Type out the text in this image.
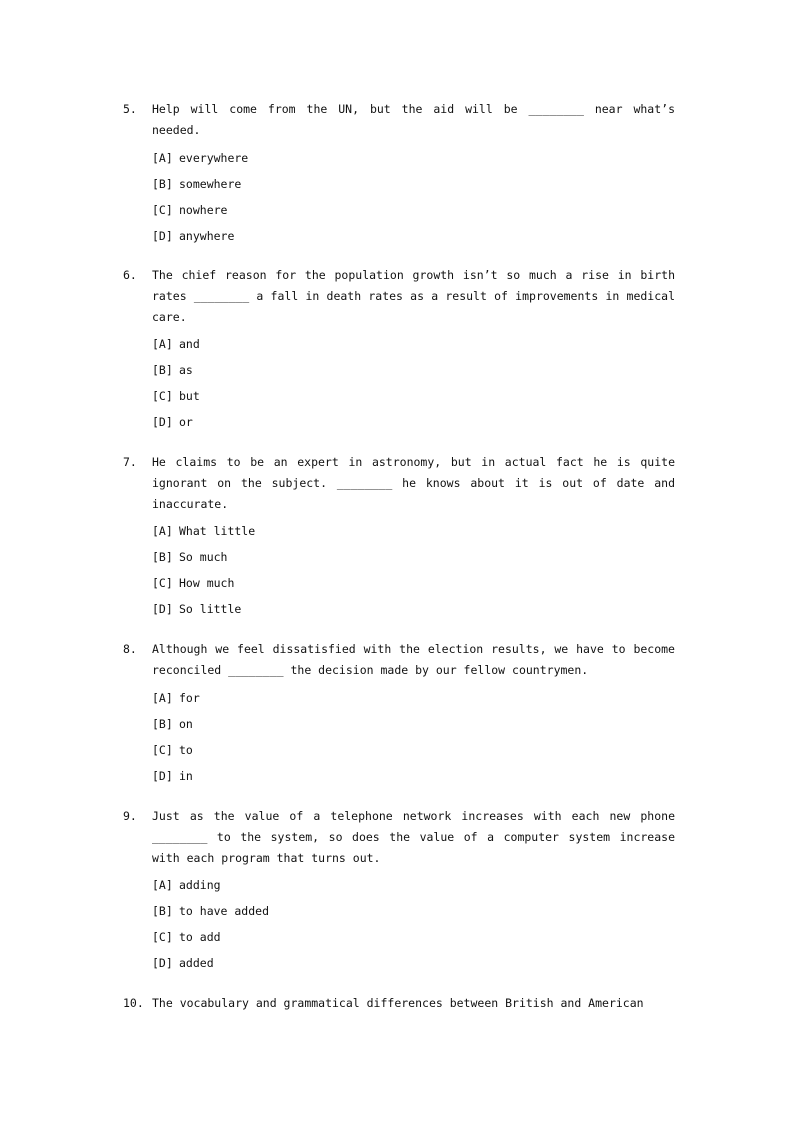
5. Help will come from the UN, but the aid will be ________ near what’s needed.
[A] everywhere
[B] somewhere
[C] nowhere
[D] anywhere
6. The chief reason for the population growth isn’t so much a rise in birth rates ________ a fall in death rates as a result of improvements in medical care.
[A] and
[B] as
[C] but
[D] or
7. He claims to be an expert in astronomy, but in actual fact he is quite ignorant on the subject. ________ he knows about it is out of date and inaccurate.
[A] What little
[B] So much
[C] How much
[D] So little
8. Although we feel dissatisfied with the election results, we have to become reconciled ________ the decision made by our fellow countrymen.
[A] for
[B] on
[C] to
[D] in
9. Just as the value of a telephone network increases with each new phone ________ to the system, so does the value of a computer system increase with each program that turns out.
[A] adding
[B] to have added
[C] to add
[D] added
10. The vocabulary and grammatical differences between British and American
